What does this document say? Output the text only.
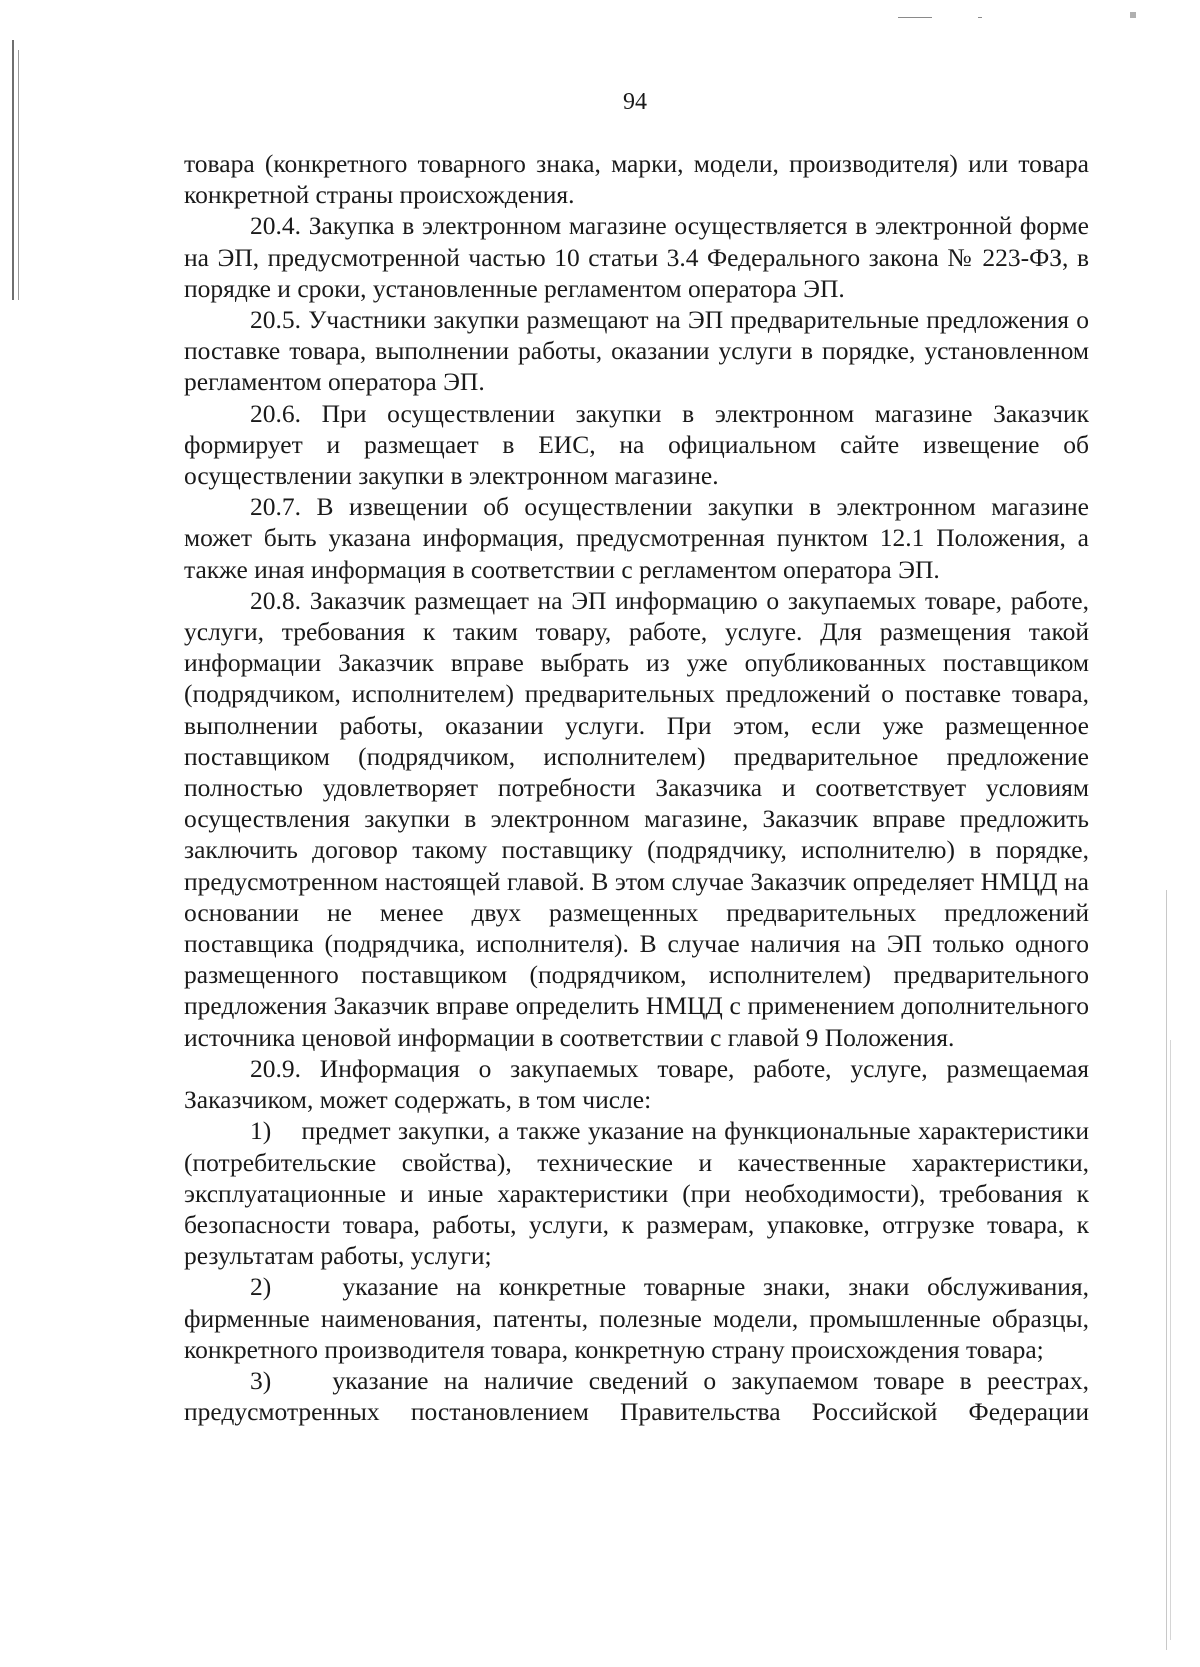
94

товара (конкретного товарного знака, марки, модели, производителя) или товара конкретной страны происхождения.

20.4. Закупка в электронном магазине осуществляется в электронной форме на ЭП, предусмотренной частью 10 статьи 3.4 Федерального закона № 223-ФЗ, в порядке и сроки, установленные регламентом оператора ЭП.

20.5. Участники закупки размещают на ЭП предварительные предложения о поставке товара, выполнении работы, оказании услуги в порядке, установленном регламентом оператора ЭП.

20.6. При осуществлении закупки в электронном магазине Заказчик формирует и размещает в ЕИС, на официальном сайте извещение об осуществлении закупки в электронном магазине.

20.7. В извещении об осуществлении закупки в электронном магазине может быть указана информация, предусмотренная пунктом 12.1 Положения, а также иная информация в соответствии с регламентом оператора ЭП.

20.8. Заказчик размещает на ЭП информацию о закупаемых товаре, работе, услуги, требования к таким товару, работе, услуге. Для размещения такой информации Заказчик вправе выбрать из уже опубликованных поставщиком (подрядчиком, исполнителем) предварительных предложений о поставке товара, выполнении работы, оказании услуги. При этом, если уже размещенное поставщиком (подрядчиком, исполнителем) предварительное предложение полностью удовлетворяет потребности Заказчика и соответствует условиям осуществления закупки в электронном магазине, Заказчик вправе предложить заключить договор такому поставщику (подрядчику, исполнителю) в порядке, предусмотренном настоящей главой. В этом случае Заказчик определяет НМЦД на основании не менее двух размещенных предварительных предложений поставщика (подрядчика, исполнителя). В случае наличия на ЭП только одного размещенного поставщиком (подрядчиком, исполнителем) предварительного предложения Заказчик вправе определить НМЦД с применением дополнительного источника ценовой информации в соответствии с главой 9 Положения.

20.9. Информация о закупаемых товаре, работе, услуге, размещаемая Заказчиком, может содержать, в том числе:

1)    предмет закупки, а также указание на функциональные характеристики (потребительские свойства), технические и качественные характеристики, эксплуатационные и иные характеристики (при необходимости), требования к безопасности товара, работы, услуги, к размерам, упаковке, отгрузке товара, к результатам работы, услуги;

2)    указание на конкретные товарные знаки, знаки обслуживания, фирменные наименования, патенты, полезные модели, промышленные образцы, конкретного производителя товара, конкретную страну происхождения товара;

3)    указание на наличие сведений о закупаемом товаре в реестрах, предусмотренных постановлением Правительства Российской Федерации
